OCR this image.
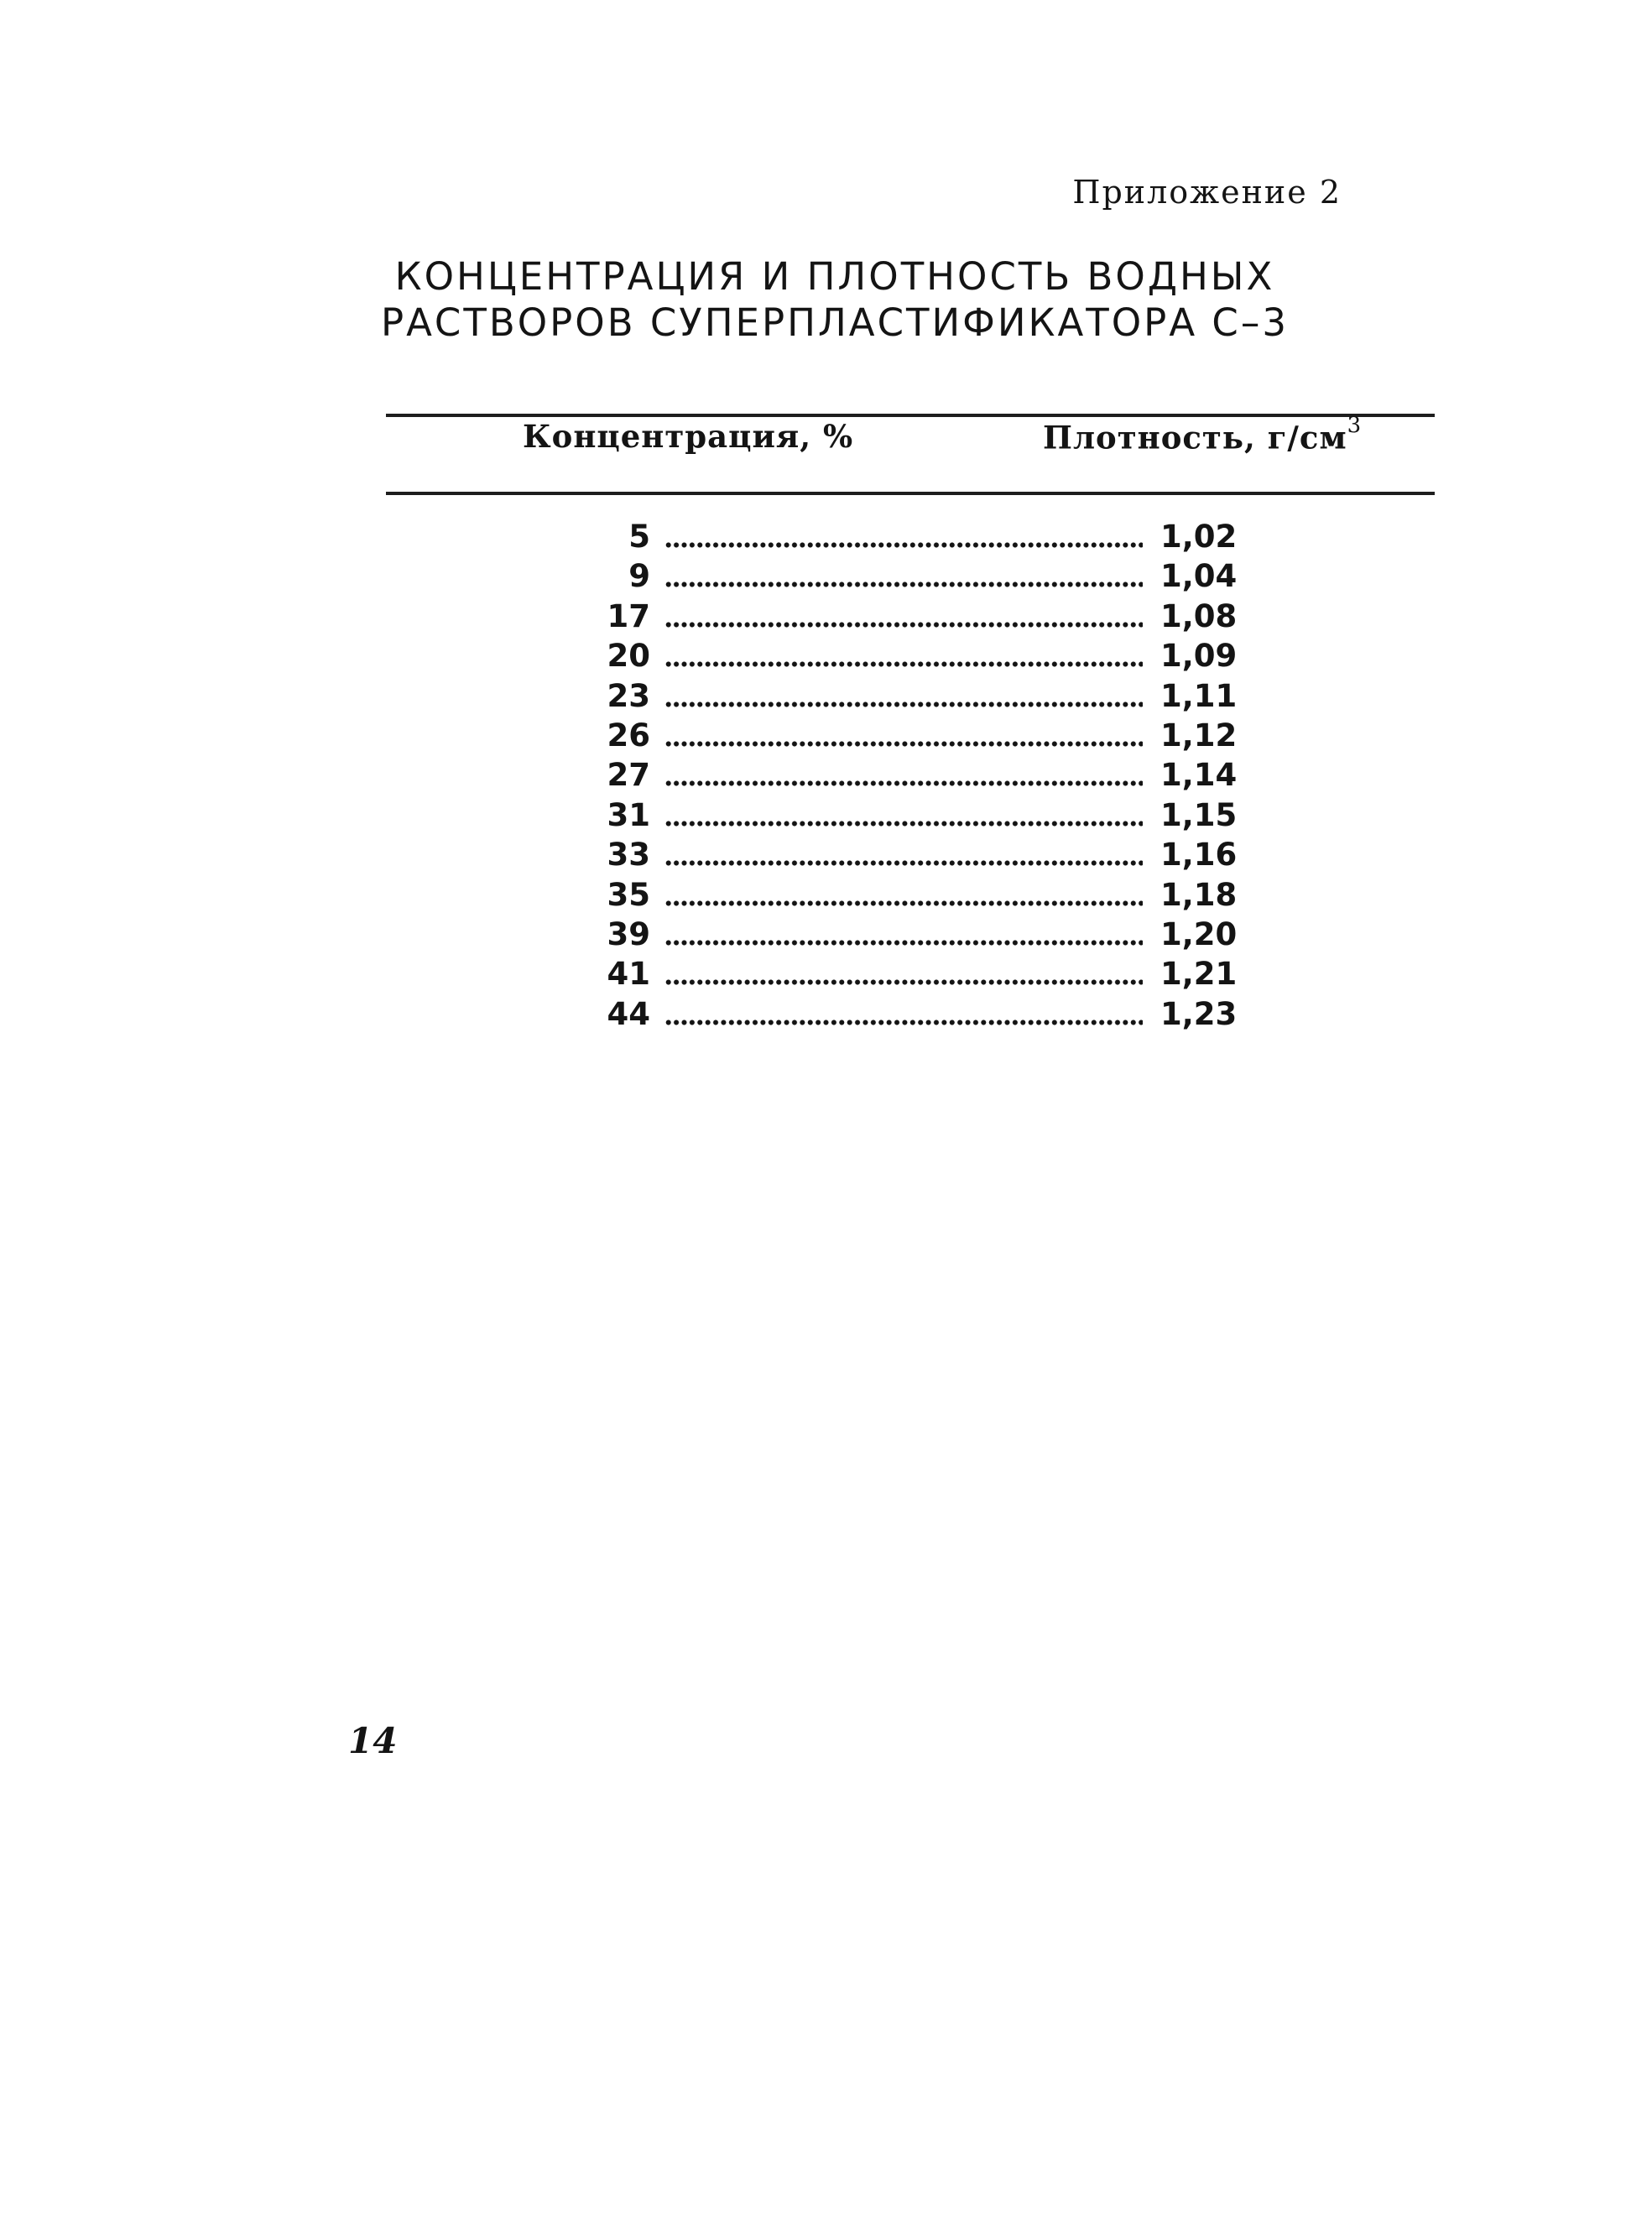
Приложение 2
КОНЦЕНТРАЦИЯ И ПЛОТНОСТЬ ВОДНЫХ
РАСТВОРОВ СУПЕРПЛАСТИФИКАТОРА С–3
Концентрация, %	Плотность, $г/см^3$
5	1,02
9	1,04
17	1,08
20	1,09
23	1,11
26	1,12
27	1,14
31	1,15
33	1,16
35	1,18
39	1,20
41	1,21
44	1,23
14
